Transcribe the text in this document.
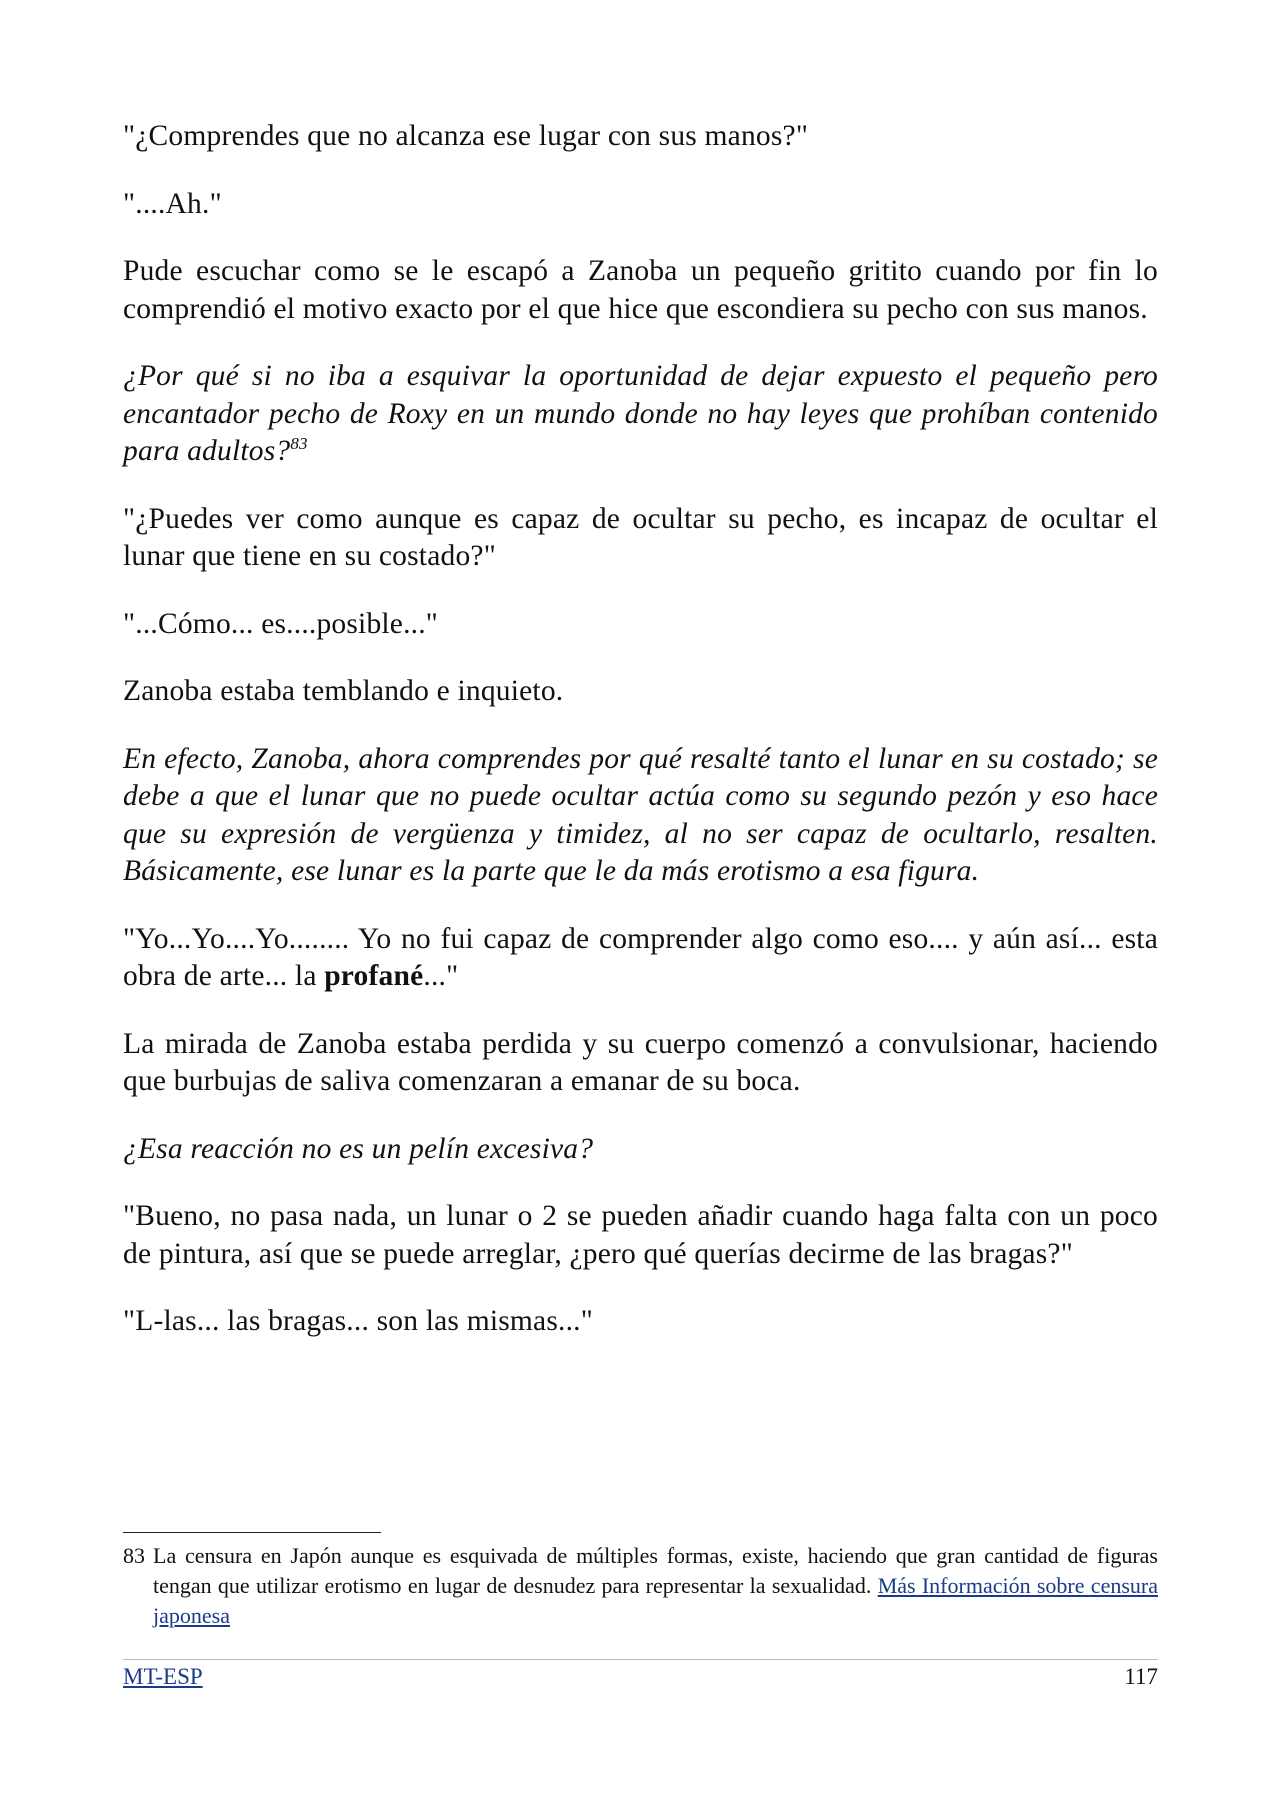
"¿Comprendes que no alcanza ese lugar con sus manos?"

"....Ah."

Pude escuchar como se le escapó a Zanoba un pequeño gritito cuando por fin lo comprendió el motivo exacto por el que hice que escondiera su pecho con sus manos.

¿Por qué si no iba a esquivar la oportunidad de dejar expuesto el pequeño pero encantador pecho de Roxy en un mundo donde no hay leyes que prohíban contenido para adultos?$^{83}$

"¿Puedes ver como aunque es capaz de ocultar su pecho, es incapaz de ocultar el lunar que tiene en su costado?"

"...Cómo... es....posible..."

Zanoba estaba temblando e inquieto.

En efecto, Zanoba, ahora comprendes por qué resalté tanto el lunar en su costado; se debe a que el lunar que no puede ocultar actúa como su segundo pezón y eso hace que su expresión de vergüenza y timidez, al no ser capaz de ocultarlo, resalten. Básicamente, ese lunar es la parte que le da más erotismo a esa figura.

"Yo...Yo....Yo........ Yo no fui capaz de comprender algo como eso.... y aún así... esta obra de arte... la profané..."

La mirada de Zanoba estaba perdida y su cuerpo comenzó a convulsionar, haciendo que burbujas de saliva comenzaran a emanar de su boca.

¿Esa reacción no es un pelín excesiva?

"Bueno, no pasa nada, un lunar o 2 se pueden añadir cuando haga falta con un poco de pintura, así que se puede arreglar, ¿pero qué querías decirme de las bragas?"

"L-las... las bragas... son las mismas..."

83 La censura en Japón aunque es esquivada de múltiples formas, existe, haciendo que gran cantidad de figuras tengan que utilizar erotismo en lugar de desnudez para representar la sexualidad. Más Información sobre censura japonesa
MT-ESP	117
